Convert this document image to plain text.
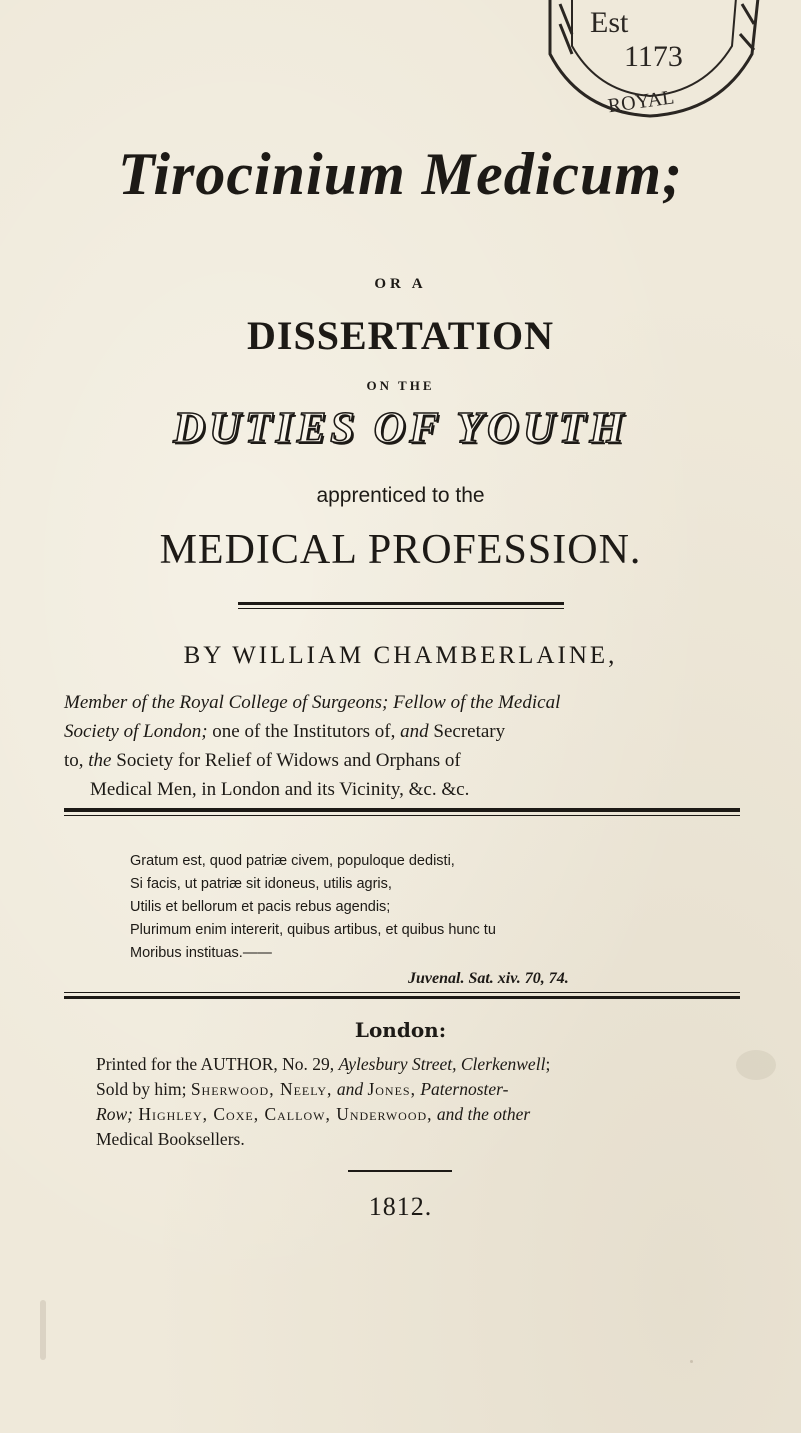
Est
1173
ROYAL
Tirocinium Medicum;
OR A
DISSERTATION
ON THE
DUTIES OF YOUTH
apprenticed to the
MEDICAL PROFESSION.
BY WILLIAM CHAMBERLAINE,
Member of the Royal College of Surgeons; Fellow of the Medical
Society of London; one of the Institutors of, and Secretary
to, the Society for Relief of Widows and Orphans of
Medical Men, in London and its Vicinity, &c. &c.
Gratum est, quod patriæ civem, populoque dedisti,
Si facis, ut patriæ sit idoneus, utilis agris,
Utilis et bellorum et pacis rebus agendis;
Plurimum enim intererit, quibus artibus, et quibus hunc tu
Moribus instituas.——
Juvenal. Sat. xiv. 70, 74.
London:
Printed for the AUTHOR, No. 29, Aylesbury Street, Clerkenwell;
Sold by him; Sherwood, Neely, and Jones, Paternoster-
Row; Highley, Coxe, Callow, Underwood, and the other
Medical Booksellers.
1812.
